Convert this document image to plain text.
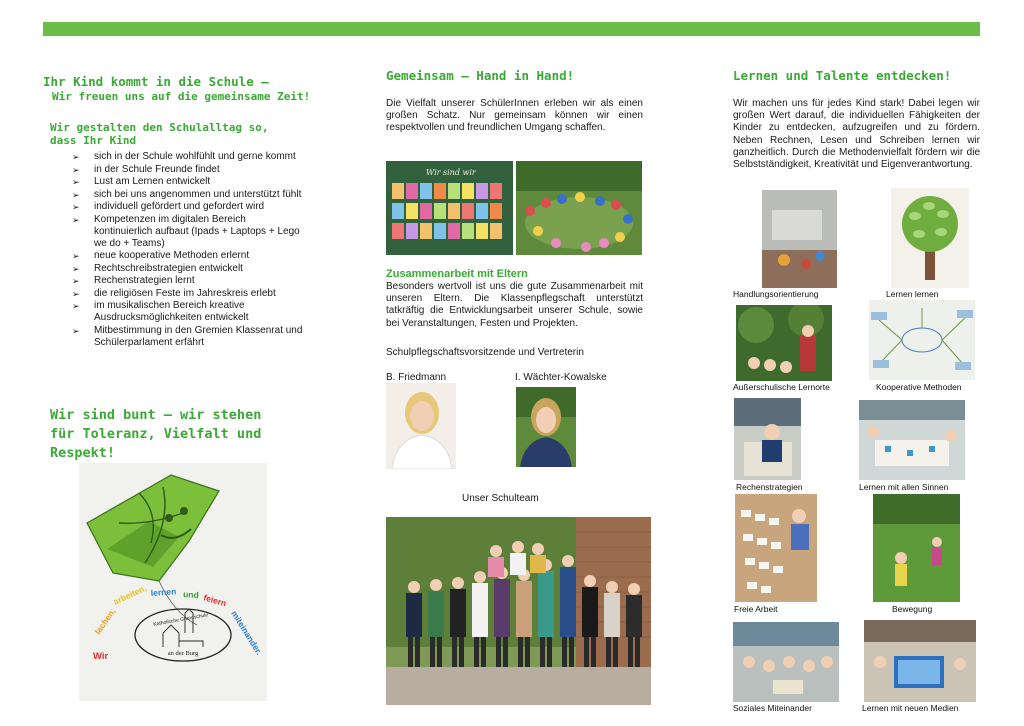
Ihr Kind kommt in die Schule –
Wir freuen uns auf die gemeinsame Zeit!
Wir gestalten den Schulalltag so, dass Ihr Kind
➢ sich in der Schule wohlfühlt und gerne kommt
➢ in der Schule Freunde findet
➢ Lust am Lernen entwickelt
➢ sich bei uns angenommen und unterstützt fühlt
➢ individuell gefördert und gefordert wird
➢ Kompetenzen im digitalen Bereich kontinuierlich aufbaut (Ipads + Laptops + Lego we do + Teams)
➢ neue kooperative Methoden erlernt
➢ Rechtschreibstrategien entwickelt
➢ Rechenstrategien lernt
➢ die religiösen Feste im Jahreskreis erlebt
➢ im musikalischen Bereich kreative Ausdrucksmöglichkeiten entwickelt
➢ Mitbestimmung in den Gremien Klassenrat und Schülerparlament erfährt
Wir sind bunt – wir stehen für Toleranz, Vielfalt und Respekt!
an der Burg
Katholische Grundschule
Wir
lachen,
arbeiten, lernen und feiern
miteinander.
Gemeinsam – Hand in Hand!
Die Vielfalt unserer SchülerInnen erleben wir als einen großen Schatz. Nur gemeinsam können wir einen respektvollen und freundlichen Umgang schaffen.
Wir sind wir
Zusammenarbeit mit Eltern
Besonders wertvoll ist uns die gute Zusammenarbeit mit unseren Eltern. Die Klassenpflegschaft unterstützt tatkräftig die Entwicklungsarbeit unserer Schule, sowie bei Veranstaltungen, Festen und Projekten.
Schulpflegschaftsvorsitzende und Vertreterin
B. Friedmann	I. Wächter-Kowalske
Unser Schulteam
Lernen und Talente entdecken!
Wir machen uns für jedes Kind stark! Dabei legen wir großen Wert darauf, die individuellen Fähigkeiten der Kinder zu entdecken, aufzugreifen und zu fördern. Neben Rechnen, Lesen und Schreiben lernen wir ganzheitlich. Durch die Methodenvielfalt fördern wir die Selbstständigkeit, Kreativität und Eigenverantwortung.
Handlungsorientierung	Lernen lernen
Außerschulische Lernorte	Kooperative Methoden
Rechenstrategien	Lernen mit allen Sinnen
Freie Arbeit	Bewegung
Soziales Miteinander	Lernen mit neuen Medien
